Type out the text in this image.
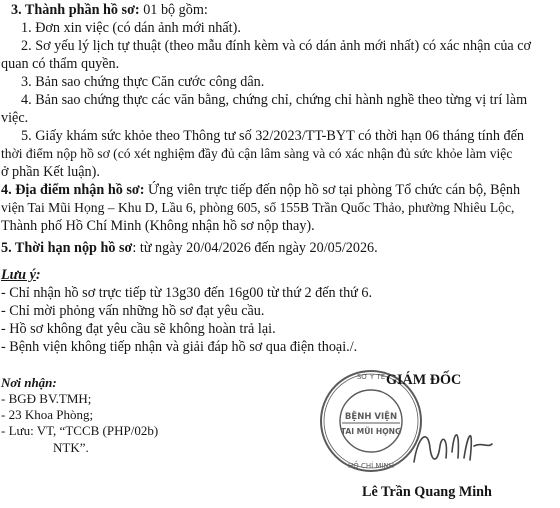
3. Thành phần hồ sơ: 01 bộ gồm:
1. Đơn xin việc (có dán ảnh mới nhất).
2. Sơ yếu lý lịch tự thuật (theo mẫu đính kèm và có dán ảnh mới nhất) có xác nhận của cơ
quan có thẩm quyền.
3. Bản sao chứng thực Căn cước công dân.
4. Bản sao chứng thực các văn bằng, chứng chỉ, chứng chỉ hành nghề theo từng vị trí làm
việc.
5. Giấy khám sức khỏe theo Thông tư số 32/2023/TT-BYT có thời hạn 06 tháng tính đến
thời điểm nộp hồ sơ (có xét nghiệm đầy đủ cận lâm sàng và có xác nhận đủ sức khỏe làm việc
ở phần Kết luận).
4. Địa điểm nhận hồ sơ: Ứng viên trực tiếp đến nộp hồ sơ tại phòng Tổ chức cán bộ, Bệnh
viện Tai Mũi Họng – Khu D, Lầu 6, phòng 605, số 155B Trần Quốc Thảo, phường Nhiêu Lộc,
Thành phố Hồ Chí Minh (Không nhận hồ sơ nộp thay).
5. Thời hạn nộp hồ sơ: từ ngày 20/04/2026 đến ngày 20/05/2026.
Lưu ý:
- Chỉ nhận hồ sơ trực tiếp từ 13g30 đến 16g00 từ thứ 2 đến thứ 6.
- Chỉ mời phỏng vấn những hồ sơ đạt yêu cầu.
- Hồ sơ không đạt yêu cầu sẽ không hoàn trả lại.
- Bệnh viện không tiếp nhận và giải đáp hồ sơ qua điện thoại./.
Nơi nhận:
- BGĐ BV.TMH;
- 23 Khoa Phòng;
- Lưu: VT, “TCCB (PHP/02b)
NTK”.
SỞ Y TẾ
HỒ CHÍ MINH
BỆNH VIỆN
TAI MŨI HỌNG
GIÁM ĐỐC
Lê Trần Quang Minh
